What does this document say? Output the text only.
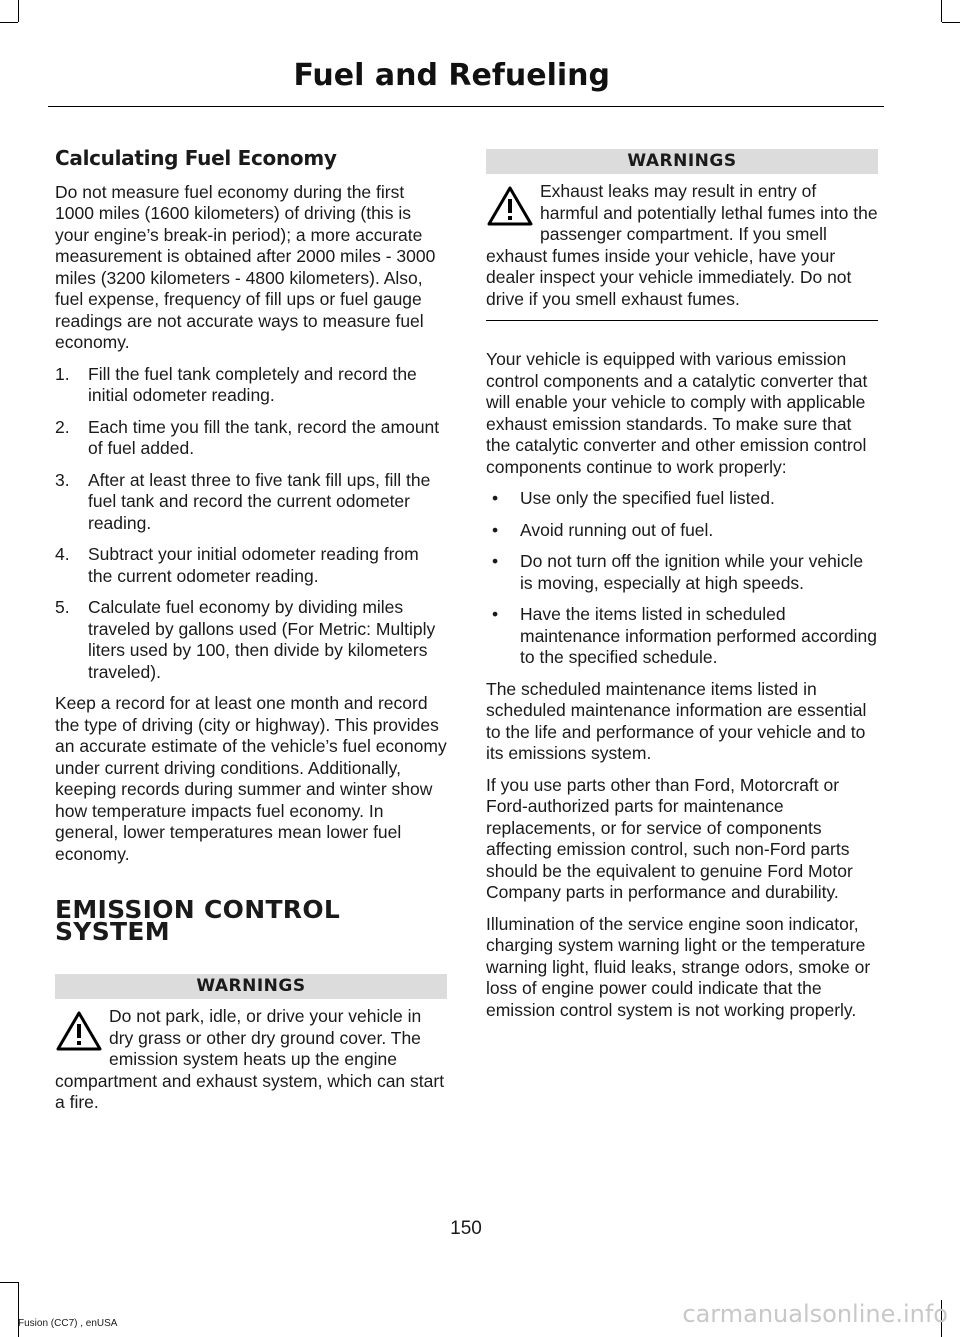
Fuel and Refueling
Calculating Fuel Economy

Do not measure fuel economy during the first 1000 miles (1600 kilometers) of driving (this is your engine’s break-in period); a more accurate measurement is obtained after 2000 miles - 3000 miles (3200 kilometers - 4800 kilometers). Also, fuel expense, frequency of fill ups or fuel gauge readings are not accurate ways to measure fuel economy.

1. Fill the fuel tank completely and record the initial odometer reading.
2. Each time you fill the tank, record the amount of fuel added.
3. After at least three to five tank fill ups, fill the fuel tank and record the current odometer reading.
4. Subtract your initial odometer reading from the current odometer reading.
5. Calculate fuel economy by dividing miles traveled by gallons used (For Metric: Multiply liters used by 100, then divide by kilometers traveled).

Keep a record for at least one month and record the type of driving (city or highway). This provides an accurate estimate of the vehicle’s fuel economy under current driving conditions. Additionally, keeping records during summer and winter show how temperature impacts fuel economy. In general, lower temperatures mean lower fuel economy.

EMISSION CONTROL SYSTEM
WARNINGS
Do not park, idle, or drive your vehicle in dry grass or other dry ground cover. The emission system heats up the engine compartment and exhaust system, which can start a fire.
WARNINGS
Exhaust leaks may result in entry of harmful and potentially lethal fumes into the passenger compartment. If you smell exhaust fumes inside your vehicle, have your dealer inspect your vehicle immediately. Do not drive if you smell exhaust fumes.

Your vehicle is equipped with various emission control components and a catalytic converter that will enable your vehicle to comply with applicable exhaust emission standards. To make sure that the catalytic converter and other emission control components continue to work properly:

• Use only the specified fuel listed.
• Avoid running out of fuel.
• Do not turn off the ignition while your vehicle is moving, especially at high speeds.
• Have the items listed in scheduled maintenance information performed according to the specified schedule.

The scheduled maintenance items listed in scheduled maintenance information are essential to the life and performance of your vehicle and to its emissions system.

If you use parts other than Ford, Motorcraft or Ford-authorized parts for maintenance replacements, or for service of components affecting emission control, such non-Ford parts should be the equivalent to genuine Ford Motor Company parts in performance and durability.

Illumination of the service engine soon indicator, charging system warning light or the temperature warning light, fluid leaks, strange odors, smoke or loss of engine power could indicate that the emission control system is not working properly.

150
Fusion (CC7) , enUSA	carmanualsonline.info
